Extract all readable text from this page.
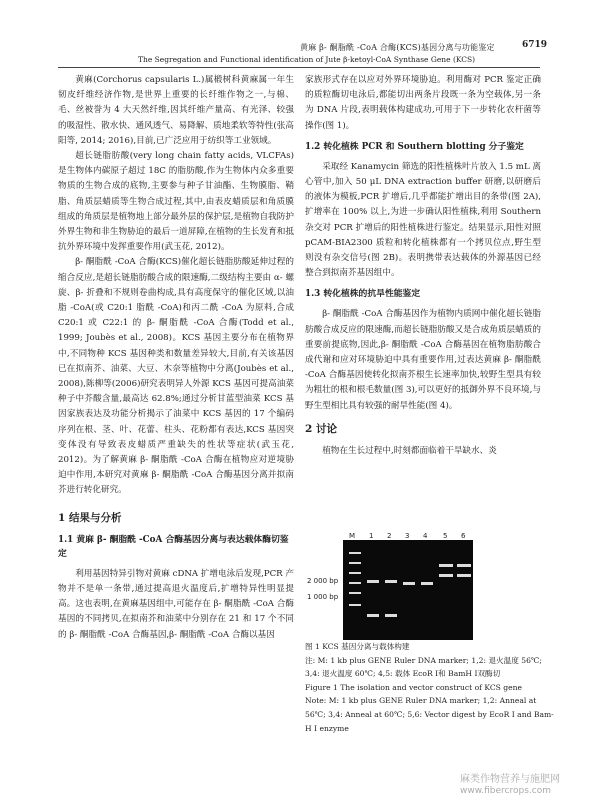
黄麻 β- 酮脂酰 -CoA 合酶(KCS)基因分离与功能鉴定	6719
The Segregation and Functional identification of Jute β-ketoyl-CoA Synthase Gene (KCS)

黄麻(Corchorus capsularis L.)属椴树科黄麻属一年生韧皮纤维经济作物,是世界上重要的长纤维作物之一,与棉、毛、丝被誉为 4 大天然纤维,因其纤维产量高、有光泽、较强的吸湿性、散水快、通风透气、易降解、质地柔软等特性(张高阳等, 2014; 2016),目前,已广泛应用于纺织等工业领域。

超长链脂肪酸(very long chain fatty acids, VLCFAs)是生物体内碳原子超过 18C 的脂肪酸,作为生物体内众多重要物质的生物合成的底物,主要参与种子甘油酯、生物膜脂、鞘脂、角质层蜡质等生物合成过程,其中,由表皮蜡质层和角质膜组成的角质层是植物地上部分最外层的保护层,是植物自我防护外界生物和非生物胁迫的最后一道屏障,在植物的生长发育和抵抗外界环境中发挥重要作用(武玉花, 2012)。

β- 酮脂酰 -CoA 合酶(KCS)催化超长链脂肪酸延伸过程的缩合反应,是超长链脂肪酸合成的限速酶,二级结构主要由 α- 螺旋、β- 折叠和不规则卷曲构成,具有高度保守的催化区域,以油脂 -CoA(或 C20:1 脂酰 -CoA)和丙二酰 -CoA 为原料,合成 C20:1 或 C22:1 的 β- 酮脂酰 -CoA 合酶(Todd et al., 1999; Joubès et al., 2008)。KCS 基因主要分布在植物界中,不同物种 KCS 基因种类和数量差异较大,目前,有关该基因已在拟南芥、油菜、大豆、木奈等植物中分离(Joubès et al., 2008),陈柳等(2006)研究表明异人外源 KCS 基因可提高油菜种子中芥酸含量,最高达 62.8%;通过分析甘蓝型油菜 KCS 基因家族表达及功能分析揭示了油菜中 KCS 基因的 17 个编码序列在根、茎、叶、花蕾、柱头、花粉都有表达,KCS 基因突变体没有导致表皮蜡质严重缺失的性状等症状(武玉花, 2012)。为了解黄麻 β- 酮脂酰 -CoA 合酶在植物应对逆境胁迫中作用,本研究对黄麻 β- 酮脂酰 -CoA 合酶基因分离并拟南芥进行转化研究。

1 结果与分析
1.1 黄麻 β- 酮脂酰 -CoA 合酶基因分离与表达载体酶切鉴定

利用基因特异引物对黄麻 cDNA 扩增电泳后发现,PCR 产物并不是单一条带,通过提高退火温度后,扩增特异性明显提高。这也表明,在黄麻基因组中,可能存在 β- 酮脂酰 -CoA 合酶基因的不同拷贝,在拟南芥和油菜中分别存在 21 和 17 个不同的 β- 酮脂酰 -CoA 合酶基因,β- 酮脂酰 -CoA 合酶以基因

家族形式存在以应对外界环境胁迫。利用酶对 PCR 鉴定正确的质粒酶切电泳后,都能切出两条片段既一条为空载体,另一条为 DNA 片段,表明载体构建成功,可用于下一步转化农杆菌等操作(图 1)。

1.2 转化植株 PCR 和 Southern blotting 分子鉴定

采取经 Kanamycin 筛选的阳性植株叶片放入 1.5 mL 离心管中,加入 50 μL DNA extraction buffer 研磨,以研磨后的液体为模板,PCR 扩增后,几乎都能扩增出目的条带(图 2A),扩增率在 100% 以上,为进一步确认阳性植株,利用 Southern 杂交对 PCR 扩增后的阳性植株进行鉴定。结果显示,阳性对照 pCAM-BIA2300 质粒和转化植株都有一个拷贝位点,野生型则没有杂交信号(图 2B)。表明携带表达载体的外源基因已经整合到拟南芥基因组中。

1.3 转化植株的抗旱性能鉴定

β- 酮脂酰 -CoA 合酶基因作为植物内质网中催化超长链脂肪酸合成反应的限速酶,而超长链脂肪酸又是合成角质层蜡质的重要前提底物,因此,β- 酮脂酰 -CoA 合酶基因在植物脂肪酸合成代谢和应对环境胁迫中具有重要作用,过表达黄麻 β- 酮脂酰 -CoA 合酶基因使转化拟南芥根生长速率加快,较野生型具有较为粗壮的根和根毛数量(图 3),可以更好的抵御外界不良环境,与野生型相比具有较强的耐旱性能(图 4)。

2 讨论

植物在生长过程中,时刻都面临着干旱缺水、炎

M 1 2 3 4 5 6
2 000 bp
1 000 bp
图 1 KCS 基因分离与载体构建
注: M: 1 kb plus GENE Ruler DNA marker; 1,2: 退火温度 56℃;
3,4: 退火温度 60℃; 4,5: 载体 EcoR Ⅰ和 BamH Ⅰ双酶切
Figure 1 The isolation and vector construct of KCS gene
Note: M: 1 kb plus GENE Ruler DNA marker; 1,2: Anneal at
56℃; 3,4: Anneal at 60℃; 5,6: Vector digest by EcoR Ⅰ and Bam-
H Ⅰ enzyme
麻类作物营养与施肥网
www.fibercrops.com
